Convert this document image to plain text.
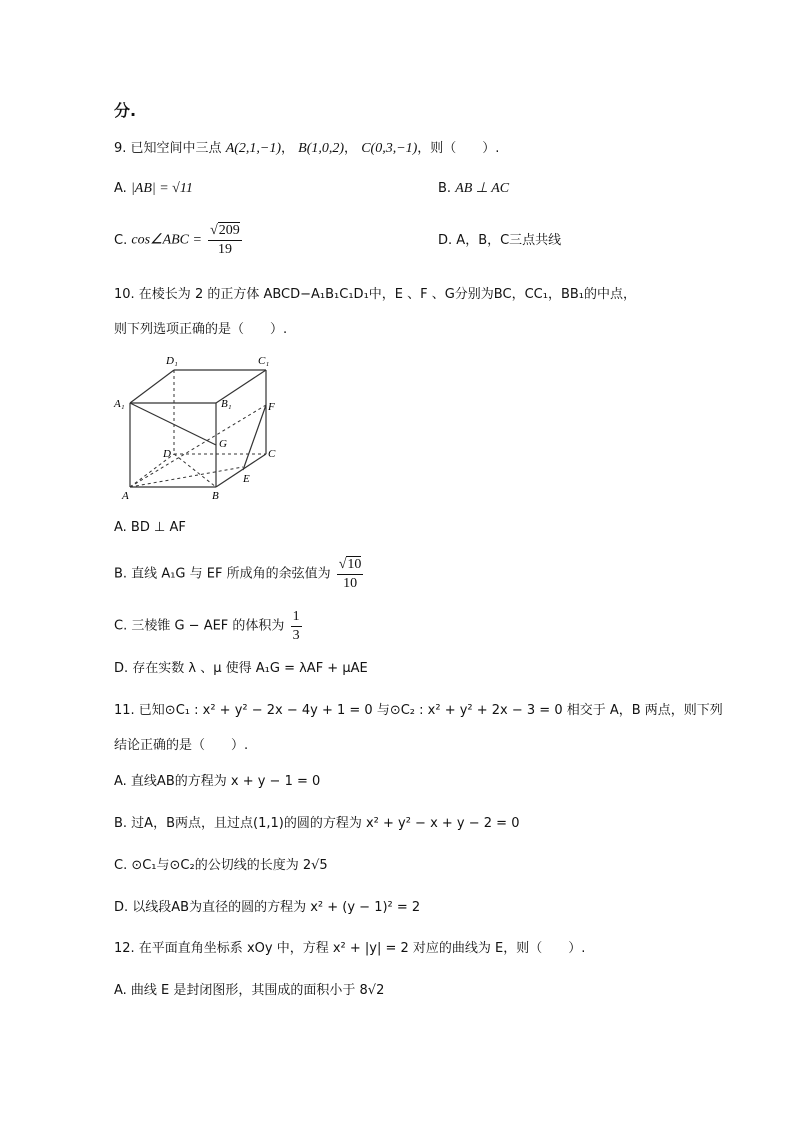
分.
9. 已知空间中三点 A(2,1,−1)， B(1,0,2)， C(0,3,−1)，则（　　）.
A. |AB| = √11	B. AB ⊥ AC
C. cos∠ABC = $\frac{√209}{19}$	D. A，B，C三点共线
10. 在棱长为 2 的正方体 ABCD−A₁B₁C₁D₁中，E 、F 、G分别为BC，CC₁，BB₁的中点，
则下列选项正确的是（　　）.
D₁	C₁
A₁	B₁	F
G
D	C
E
A	B
A. BD ⊥ AF
B. 直线 A₁G 与 EF 所成角的余弦值为 $\frac{√10}{10}$
C. 三棱锥 G − AEF 的体积为 $\frac{1}{3}$
D. 存在实数 λ 、μ 使得 A₁G = λAF + μAE
11. 已知⊙C₁ : x² + y² − 2x − 4y + 1 = 0 与⊙C₂ : x² + y² + 2x − 3 = 0 相交于 A，B 两点，则下列
结论正确的是（　　）.
A. 直线AB的方程为 x + y − 1 = 0
B. 过A，B两点，且过点(1,1)的圆的方程为 x² + y² − x + y − 2 = 0
C. ⊙C₁与⊙C₂的公切线的长度为 2√5
D. 以线段AB为直径的圆的方程为 x² + (y − 1)² = 2
12. 在平面直角坐标系 xOy 中，方程 x² + |y| = 2 对应的曲线为 E，则（　　）.
A. 曲线 E 是封闭图形，其围成的面积小于 8√2
